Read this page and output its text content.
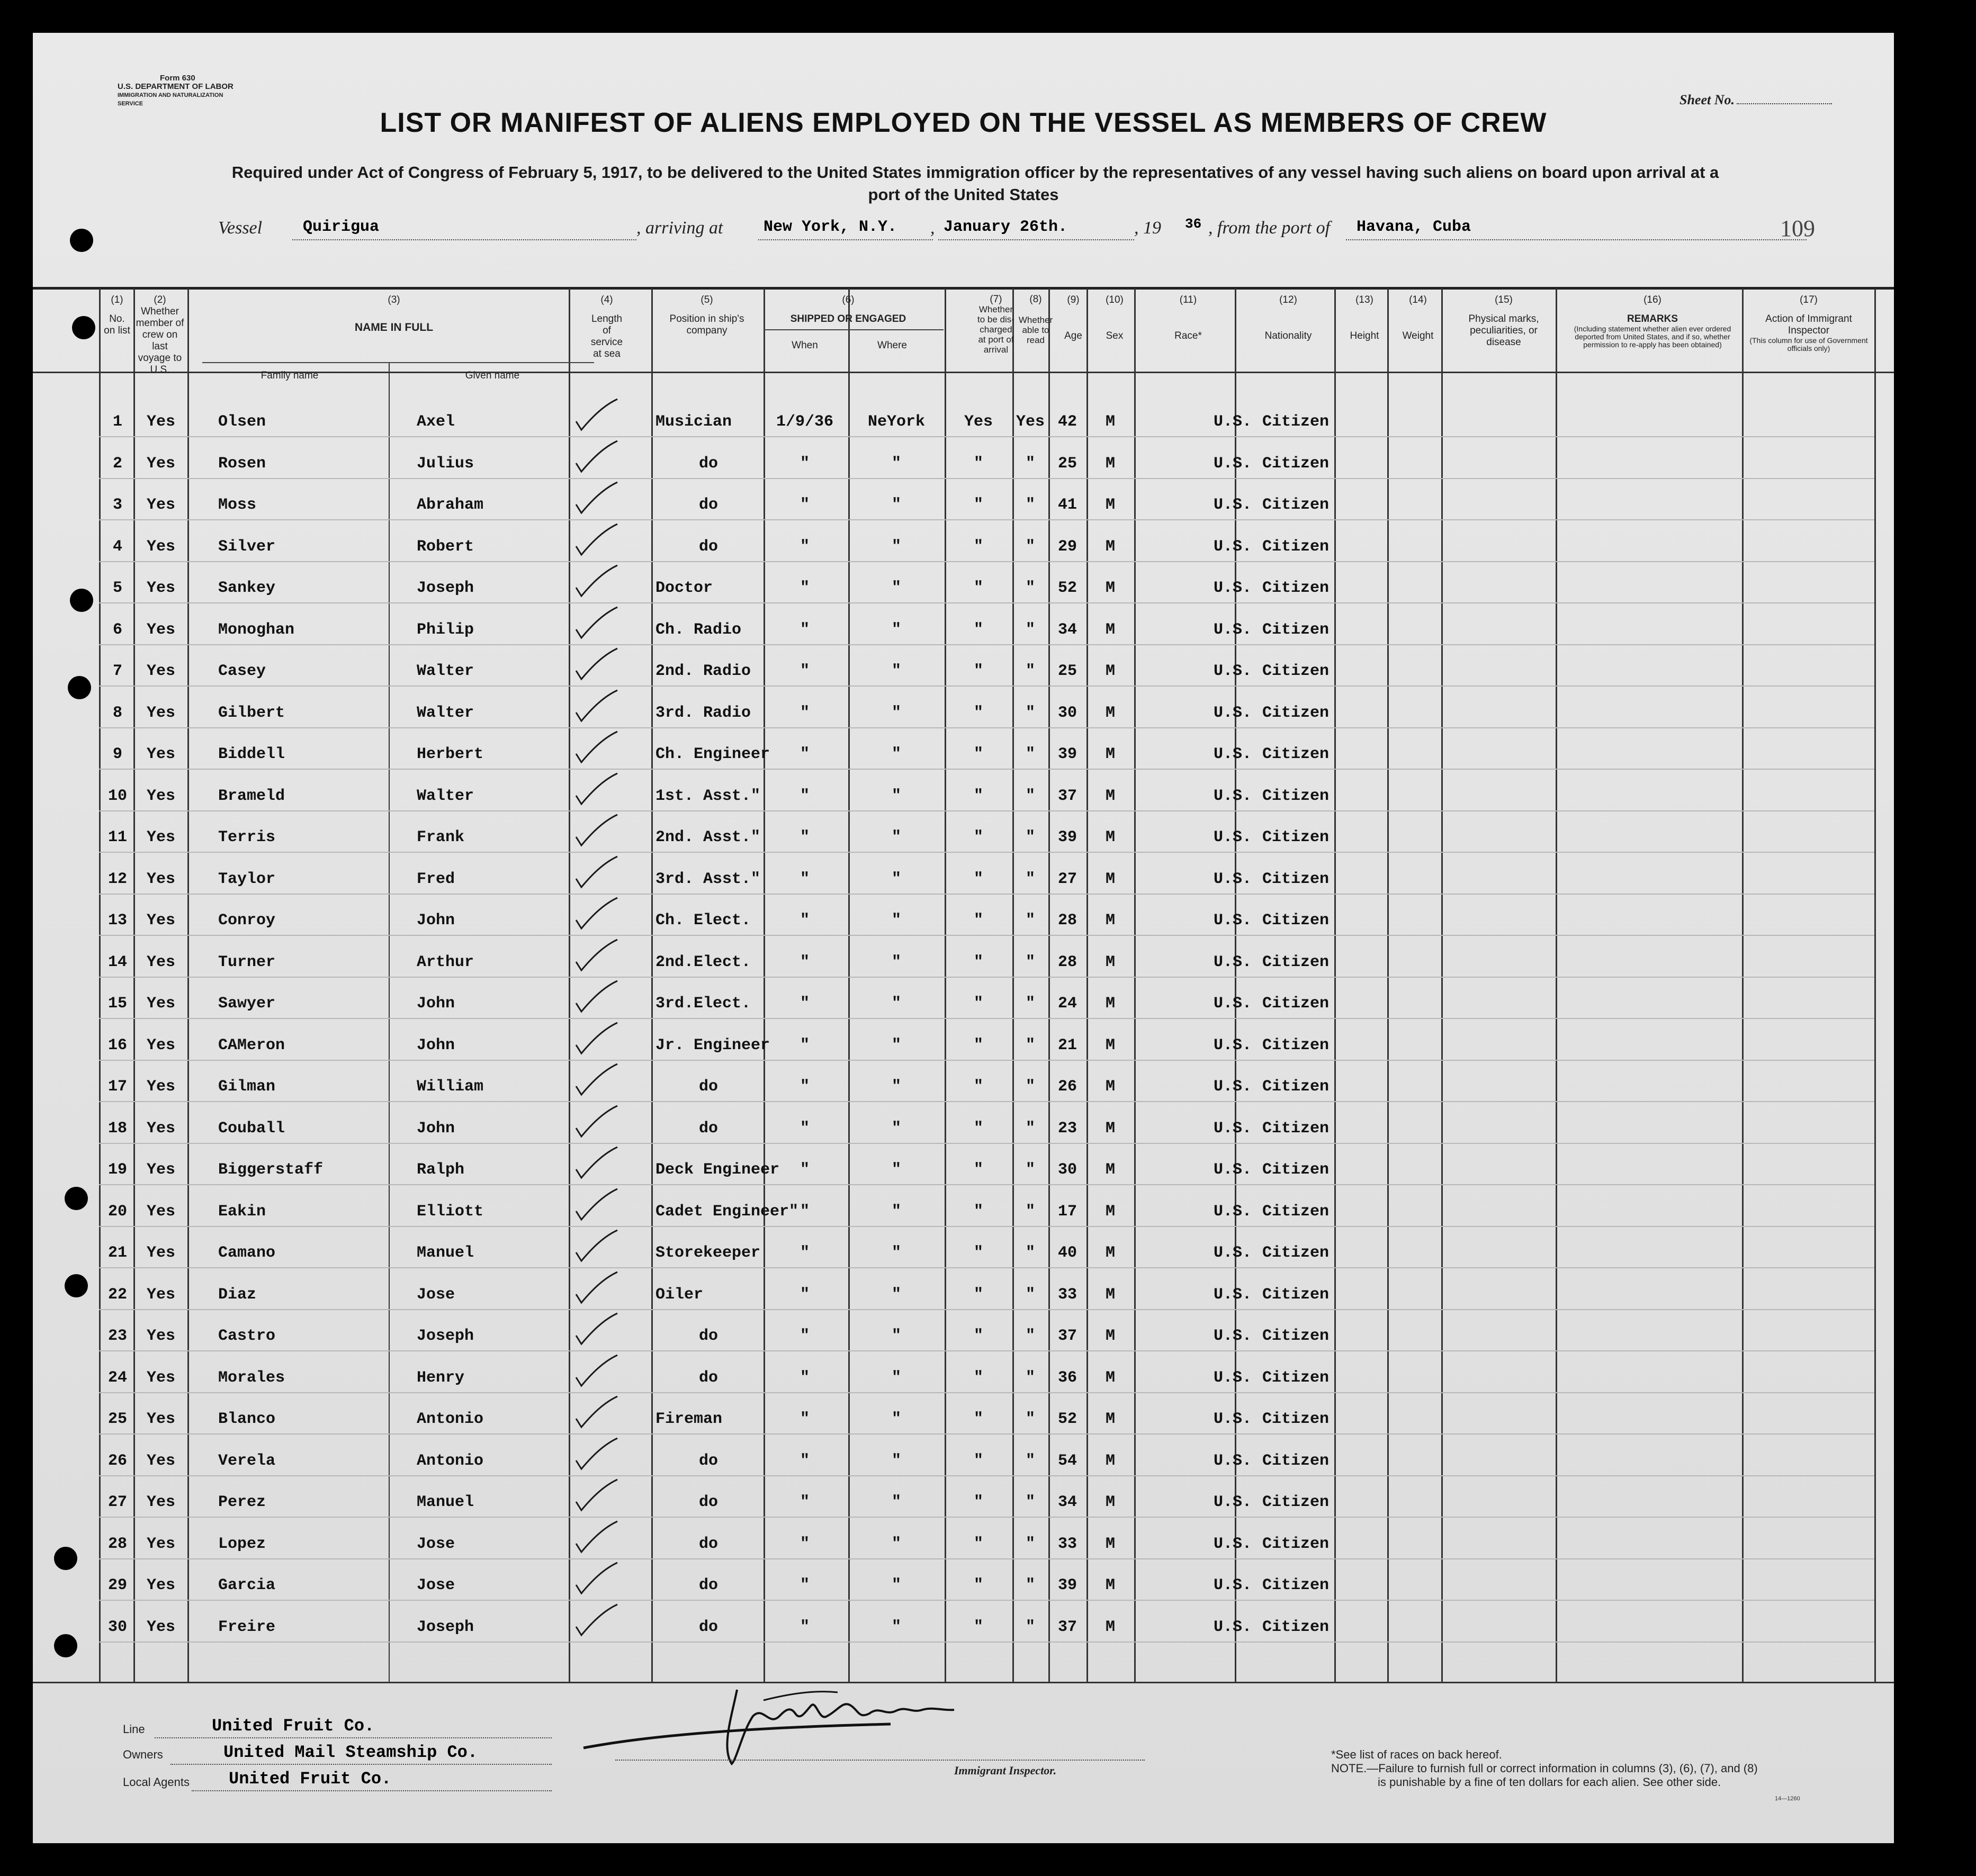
Form 630
U.S. DEPARTMENT OF LABOR
IMMIGRATION AND NATURALIZATION SERVICE	Sheet No.
LIST OR MANIFEST OF ALIENS EMPLOYED ON THE VESSEL AS MEMBERS OF CREW
Required under Act of Congress of February 5, 1917, to be delivered to the United States immigration officer by the representatives of any vessel having such aliens on board upon arrival at a
port of the United States
Vessel	Quirigua	, arriving at	New York, N.Y. , January 26th.	, 19 36 , from the port of Havana, Cuba	109
(1)
No. on list
(2)
Whether member of crew on last voyage to U.S.
(3)
NAME IN FULL
Family name	Given name
(4)
Length of service at sea
(5)
Position in ship's company
(6)
SHIPPED OR ENGAGED
When	Where
(7)
Whether to be dis-charged at port of arrival
(8)
Whether able to read
(9)
Age
(10)
Sex
(11)
Race*
(12)
Nationality
(13)
Height
(14)
Weight
(15)
Physical marks, peculiarities, or disease
(16)
REMARKS
(Including statement whether alien ever ordered deported from United States, and if so, whether permission to re-apply has been obtained)
(17)
Action of Immigrant Inspector
(This column for use of Government officials only)
1	Yes	Olsen	Axel	Musician	1/9/36	NeYork	Yes	Yes 42	M	U.S. Citizen
2	Yes	Rosen	Julius	do	"	"	"	"	25	M	U.S. Citizen
3	Yes	Moss	Abraham	do	"	"	"	"	41	M	U.S. Citizen
4	Yes	Silver	Robert	do	"	"	"	"	29	M	U.S. Citizen
5	Yes	Sankey	Joseph	Doctor	"	"	"	"	52	M	U.S. Citizen
6	Yes	Monoghan	Philip	Ch. Radio	"	"	"	"	34	M	U.S. Citizen
7	Yes	Casey	Walter	2nd. Radio	"	"	"	"	25	M	U.S. Citizen
8	Yes	Gilbert	Walter	3rd. Radio	"	"	"	"	30	M	U.S. Citizen
9	Yes	Biddell	Herbert	Ch. Engineer	"	"	"	"	39	M	U.S. Citizen
10	Yes	Brameld	Walter	1st. Asst."	"	"	"	"	37	M	U.S. Citizen
11	Yes	Terris	Frank	2nd. Asst."	"	"	"	"	39	M	U.S. Citizen
12	Yes	Taylor	Fred	3rd. Asst."	"	"	"	"	27	M	U.S. Citizen
13	Yes	Conroy	John	Ch. Elect.	"	"	"	"	28	M	U.S. Citizen
14	Yes	Turner	Arthur	2nd.Elect.	"	"	"	"	28	M	U.S. Citizen
15	Yes	Sawyer	John	3rd.Elect.	"	"	"	"	24	M	U.S. Citizen
16	Yes	CAMeron	John	Jr. Engineer	"	"	"	"	21	M	U.S. Citizen
17	Yes	Gilman	William	do	"	"	"	"	26	M	U.S. Citizen
18	Yes	Couball	John	do	"	"	"	"	23	M	U.S. Citizen
19	Yes	Biggerstaff	Ralph	Deck Engineer	"	"	"	"	30	M	U.S. Citizen
20	Yes	Eakin	Elliott	Cadet Engineer" "	"	"	"	17	M	U.S. Citizen
21	Yes	Camano	Manuel	Storekeeper	"	"	"	"	40	M	U.S. Citizen
22	Yes	Diaz	Jose	Oiler	"	"	"	"	33	M	U.S. Citizen
23	Yes	Castro	Joseph	do	"	"	"	"	37	M	U.S. Citizen
24	Yes	Morales	Henry	do	"	"	"	"	36	M	U.S. Citizen
25	Yes	Blanco	Antonio	Fireman	"	"	"	"	52	M	U.S. Citizen
26	Yes	Verela	Antonio	do	"	"	"	"	54	M	U.S. Citizen
27	Yes	Perez	Manuel	do	"	"	"	"	34	M	U.S. Citizen
28	Yes	Lopez	Jose	do	"	"	"	"	33	M	U.S. Citizen
29	Yes	Garcia	Jose	do	"	"	"	"	39	M	U.S. Citizen
30	Yes	Freire	Joseph	do	"	"	"	"	37	M	U.S. Citizen
Line	United Fruit Co.
Owners	United Mail Steamship Co.
Local Agents United Fruit Co.	Immigrant Inspector.
*See list of races on back hereof.
NOTE.—Failure to furnish full or correct information in columns (3), (6), (7), and (8)
is punishable by a fine of ten dollars for each alien. See other side.
14—1260
